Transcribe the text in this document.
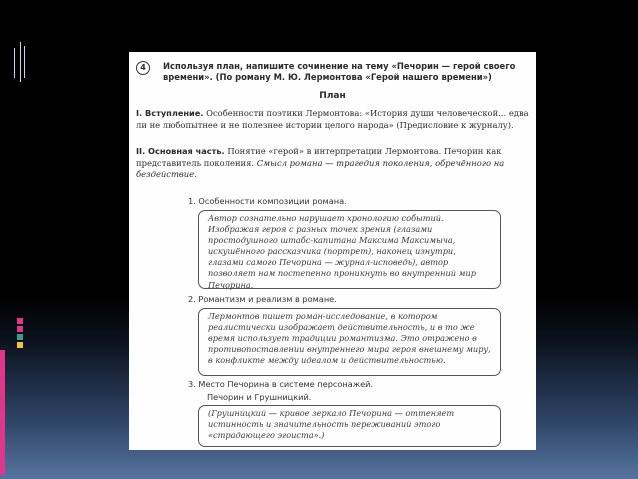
4	Используя план, напишите сочинение на тему «Печорин — герой своего времени». (По роману М. Ю. Лермонтова «Герой нашего времени»)
План
I. Вступление. Особенности поэтики Лермонтова: «История души человеческой... едва ли не любопытнее и не полезнее истории целого народа» (Предисловие к журналу).
II. Основная часть. Понятие «герой» в интерпретации Лермонтова. Печорин как представитель поколения. Смысл романа — трагедия поколения, обречённого на бездействие.
1. Особенности композиции романа.
Автор сознательно нарушает хронологию событий. Изображая героя с разных точек зрения (глазами простодушного штабс-капитана Максима Максимыча, искушённого рассказчика (портрет), наконец изнутри, глазами самого Печорина — журнал-исповедь), автор позволяет нам постепенно проникнуть во внутренний мир Печорина.
2. Романтизм и реализм в романе.
Лермонтов пишет роман-исследование, в котором реалистически изображает действительность, и в то же время использует традиции романтизма. Это отражено в противопоставлении внутреннего мира героя внешнему миру, в конфликте между идеалом и действительностью.
3. Место Печорина в системе персонажей.
Печорин и Грушницкий.
(Грушницкий — кривое зеркало Печорина — оттеняет истинность и значительность переживаний этого «страдающего эгоиста».)
